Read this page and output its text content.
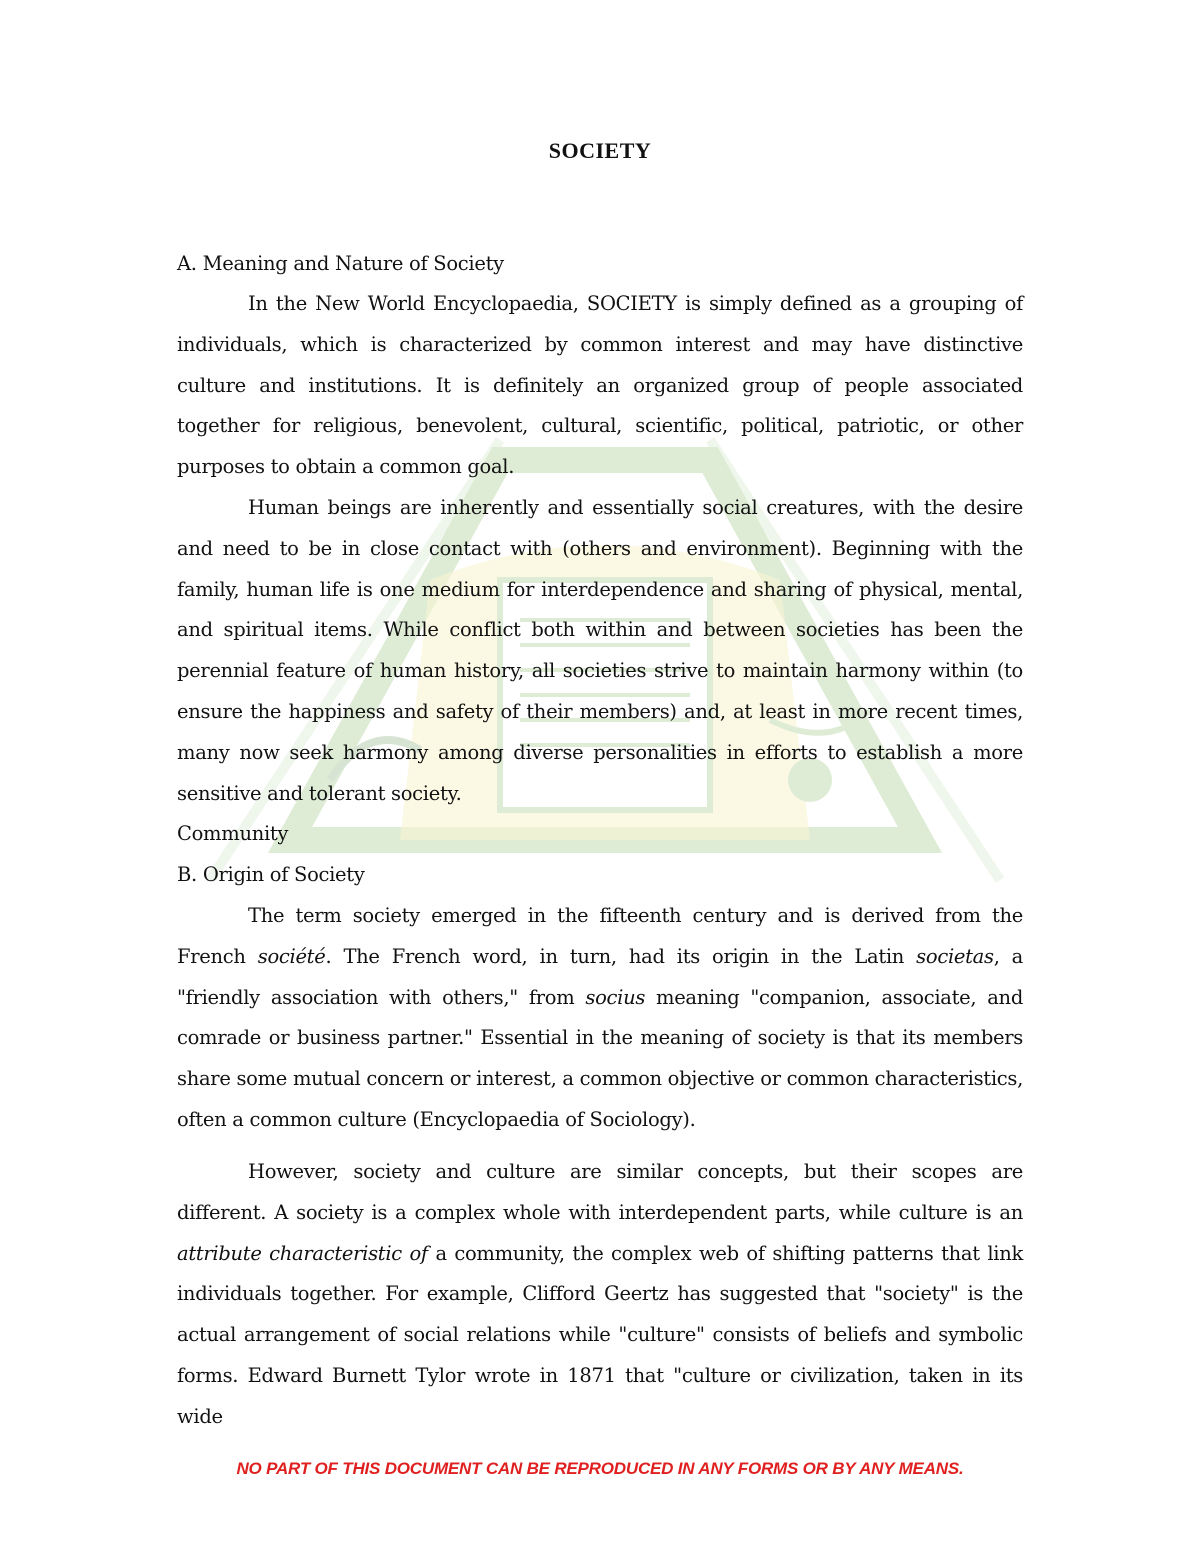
SOCIETY

A. Meaning and Nature of Society

In the New World Encyclopaedia, SOCIETY is simply defined as a grouping of individuals, which is characterized by common interest and may have distinctive culture and institutions. It is definitely an organized group of people associated together for religious, benevolent, cultural, scientific, political, patriotic, or other purposes to obtain a common goal.

Human beings are inherently and essentially social creatures, with the desire and need to be in close contact with (others and environment). Beginning with the family, human life is one medium for interdependence and sharing of physical, mental, and spiritual items. While conflict both within and between societies has been the perennial feature of human history, all societies strive to maintain harmony within (to ensure the happiness and safety of their members) and, at least in more recent times, many now seek harmony among diverse personalities in efforts to establish a more sensitive and tolerant society.

Community

B. Origin of Society

The term society emerged in the fifteenth century and is derived from the French société. The French word, in turn, had its origin in the Latin societas, a "friendly association with others," from socius meaning "companion, associate, and comrade or business partner." Essential in the meaning of society is that its members share some mutual concern or interest, a common objective or common characteristics, often a common culture (Encyclopaedia of Sociology).

However, society and culture are similar concepts, but their scopes are different. A society is a complex whole with interdependent parts, while culture is an attribute characteristic of a community, the complex web of shifting patterns that link individuals together. For example, Clifford Geertz has suggested that "society" is the actual arrangement of social relations while "culture" consists of beliefs and symbolic forms. Edward Burnett Tylor wrote in 1871 that "culture or civilization, taken in its wide

NO PART OF THIS DOCUMENT CAN BE REPRODUCED IN ANY FORMS OR BY ANY MEANS.
